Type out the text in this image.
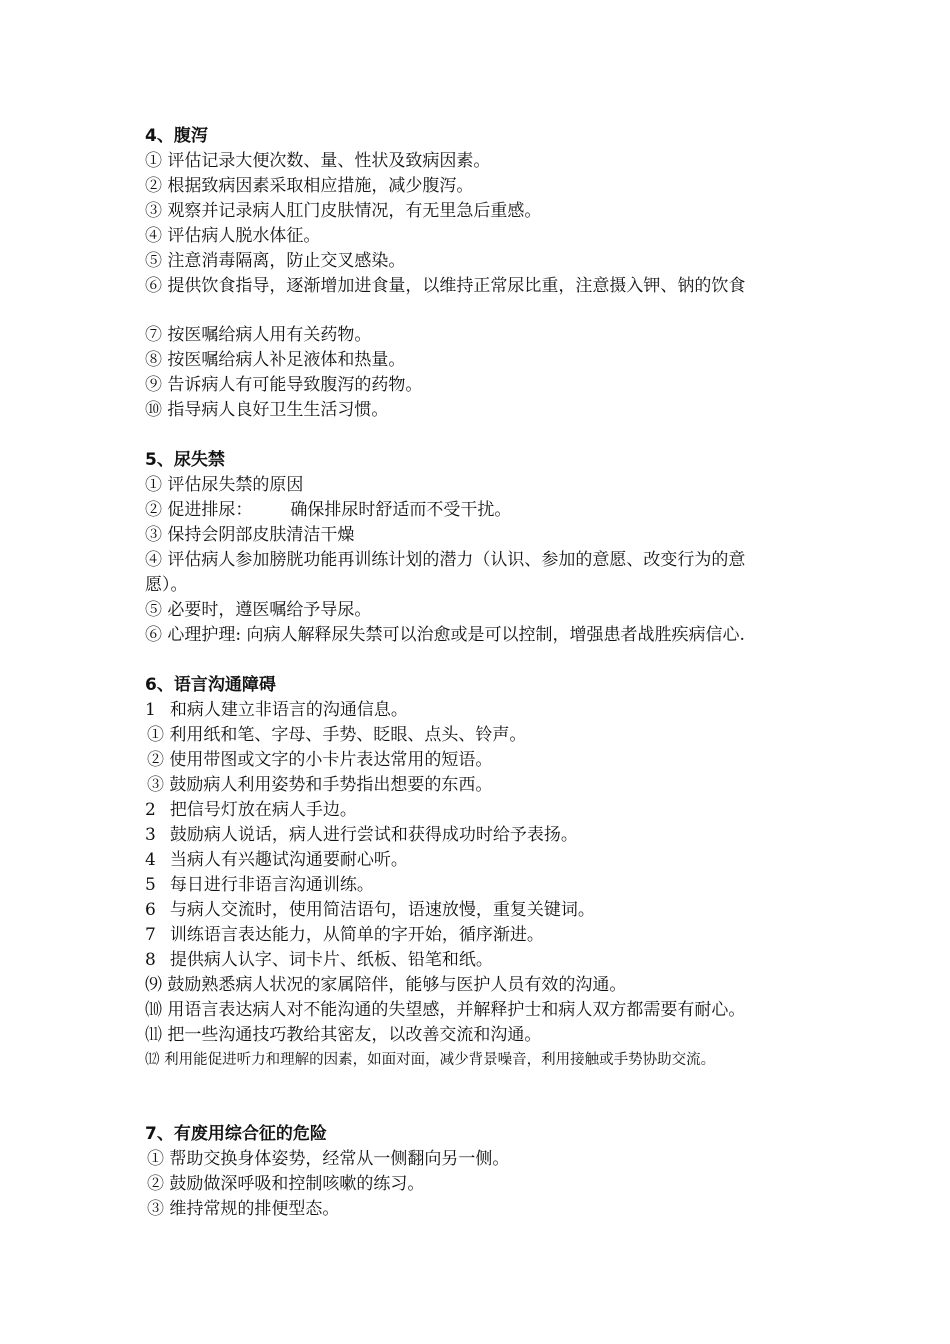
4、腹泻
① 评估记录大便次数、量、性状及致病因素。
② 根据致病因素采取相应措施，减少腹泻。
③ 观察并记录病人肛门皮肤情况，有无里急后重感。
④ 评估病人脱水体征。
⑤ 注意消毒隔离，防止交叉感染。
⑥ 提供饮食指导，逐渐增加进食量，以维持正常尿比重，注意摄入钾、钠的饮食
⑦ 按医嘱给病人用有关药物。
⑧ 按医嘱给病人补足液体和热量。
⑨ 告诉病人有可能导致腹泻的药物。
⑩ 指导病人良好卫生生活习惯。
5、尿失禁
① 评估尿失禁的原因
② 促进排尿： 确保排尿时舒适而不受干扰。
③ 保持会阴部皮肤清洁干燥
④ 评估病人参加膀胱功能再训练计划的潜力（认识、参加的意愿、改变行为的意
愿）。
⑤ 必要时，遵医嘱给予导尿。
⑥ 心理护理: 向病人解释尿失禁可以治愈或是可以控制，增强患者战胜疾病信心.
6、语言沟通障碍
1 和病人建立非语言的沟通信息。
① 利用纸和笔、字母、手势、眨眼、点头、铃声。
② 使用带图或文字的小卡片表达常用的短语。
③ 鼓励病人利用姿势和手势指出想要的东西。
2 把信号灯放在病人手边。
3 鼓励病人说话，病人进行尝试和获得成功时给予表扬。
4 当病人有兴趣试沟通要耐心听。
5 每日进行非语言沟通训练。
6 与病人交流时，使用简洁语句，语速放慢，重复关键词。
7 训练语言表达能力，从简单的字开始，循序渐进。
8 提供病人认字、词卡片、纸板、铅笔和纸。
⑼ 鼓励熟悉病人状况的家属陪伴，能够与医护人员有效的沟通。
⑽ 用语言表达病人对不能沟通的失望感，并解释护士和病人双方都需要有耐心。
⑾ 把一些沟通技巧教给其密友，以改善交流和沟通。
⑿ 利用能促进听力和理解的因素，如面对面，减少背景噪音，利用接触或手势协助交流。
7、有废用综合征的危险
① 帮助交换身体姿势，经常从一侧翻向另一侧。
② 鼓励做深呼吸和控制咳嗽的练习。
③ 维持常规的排便型态。
